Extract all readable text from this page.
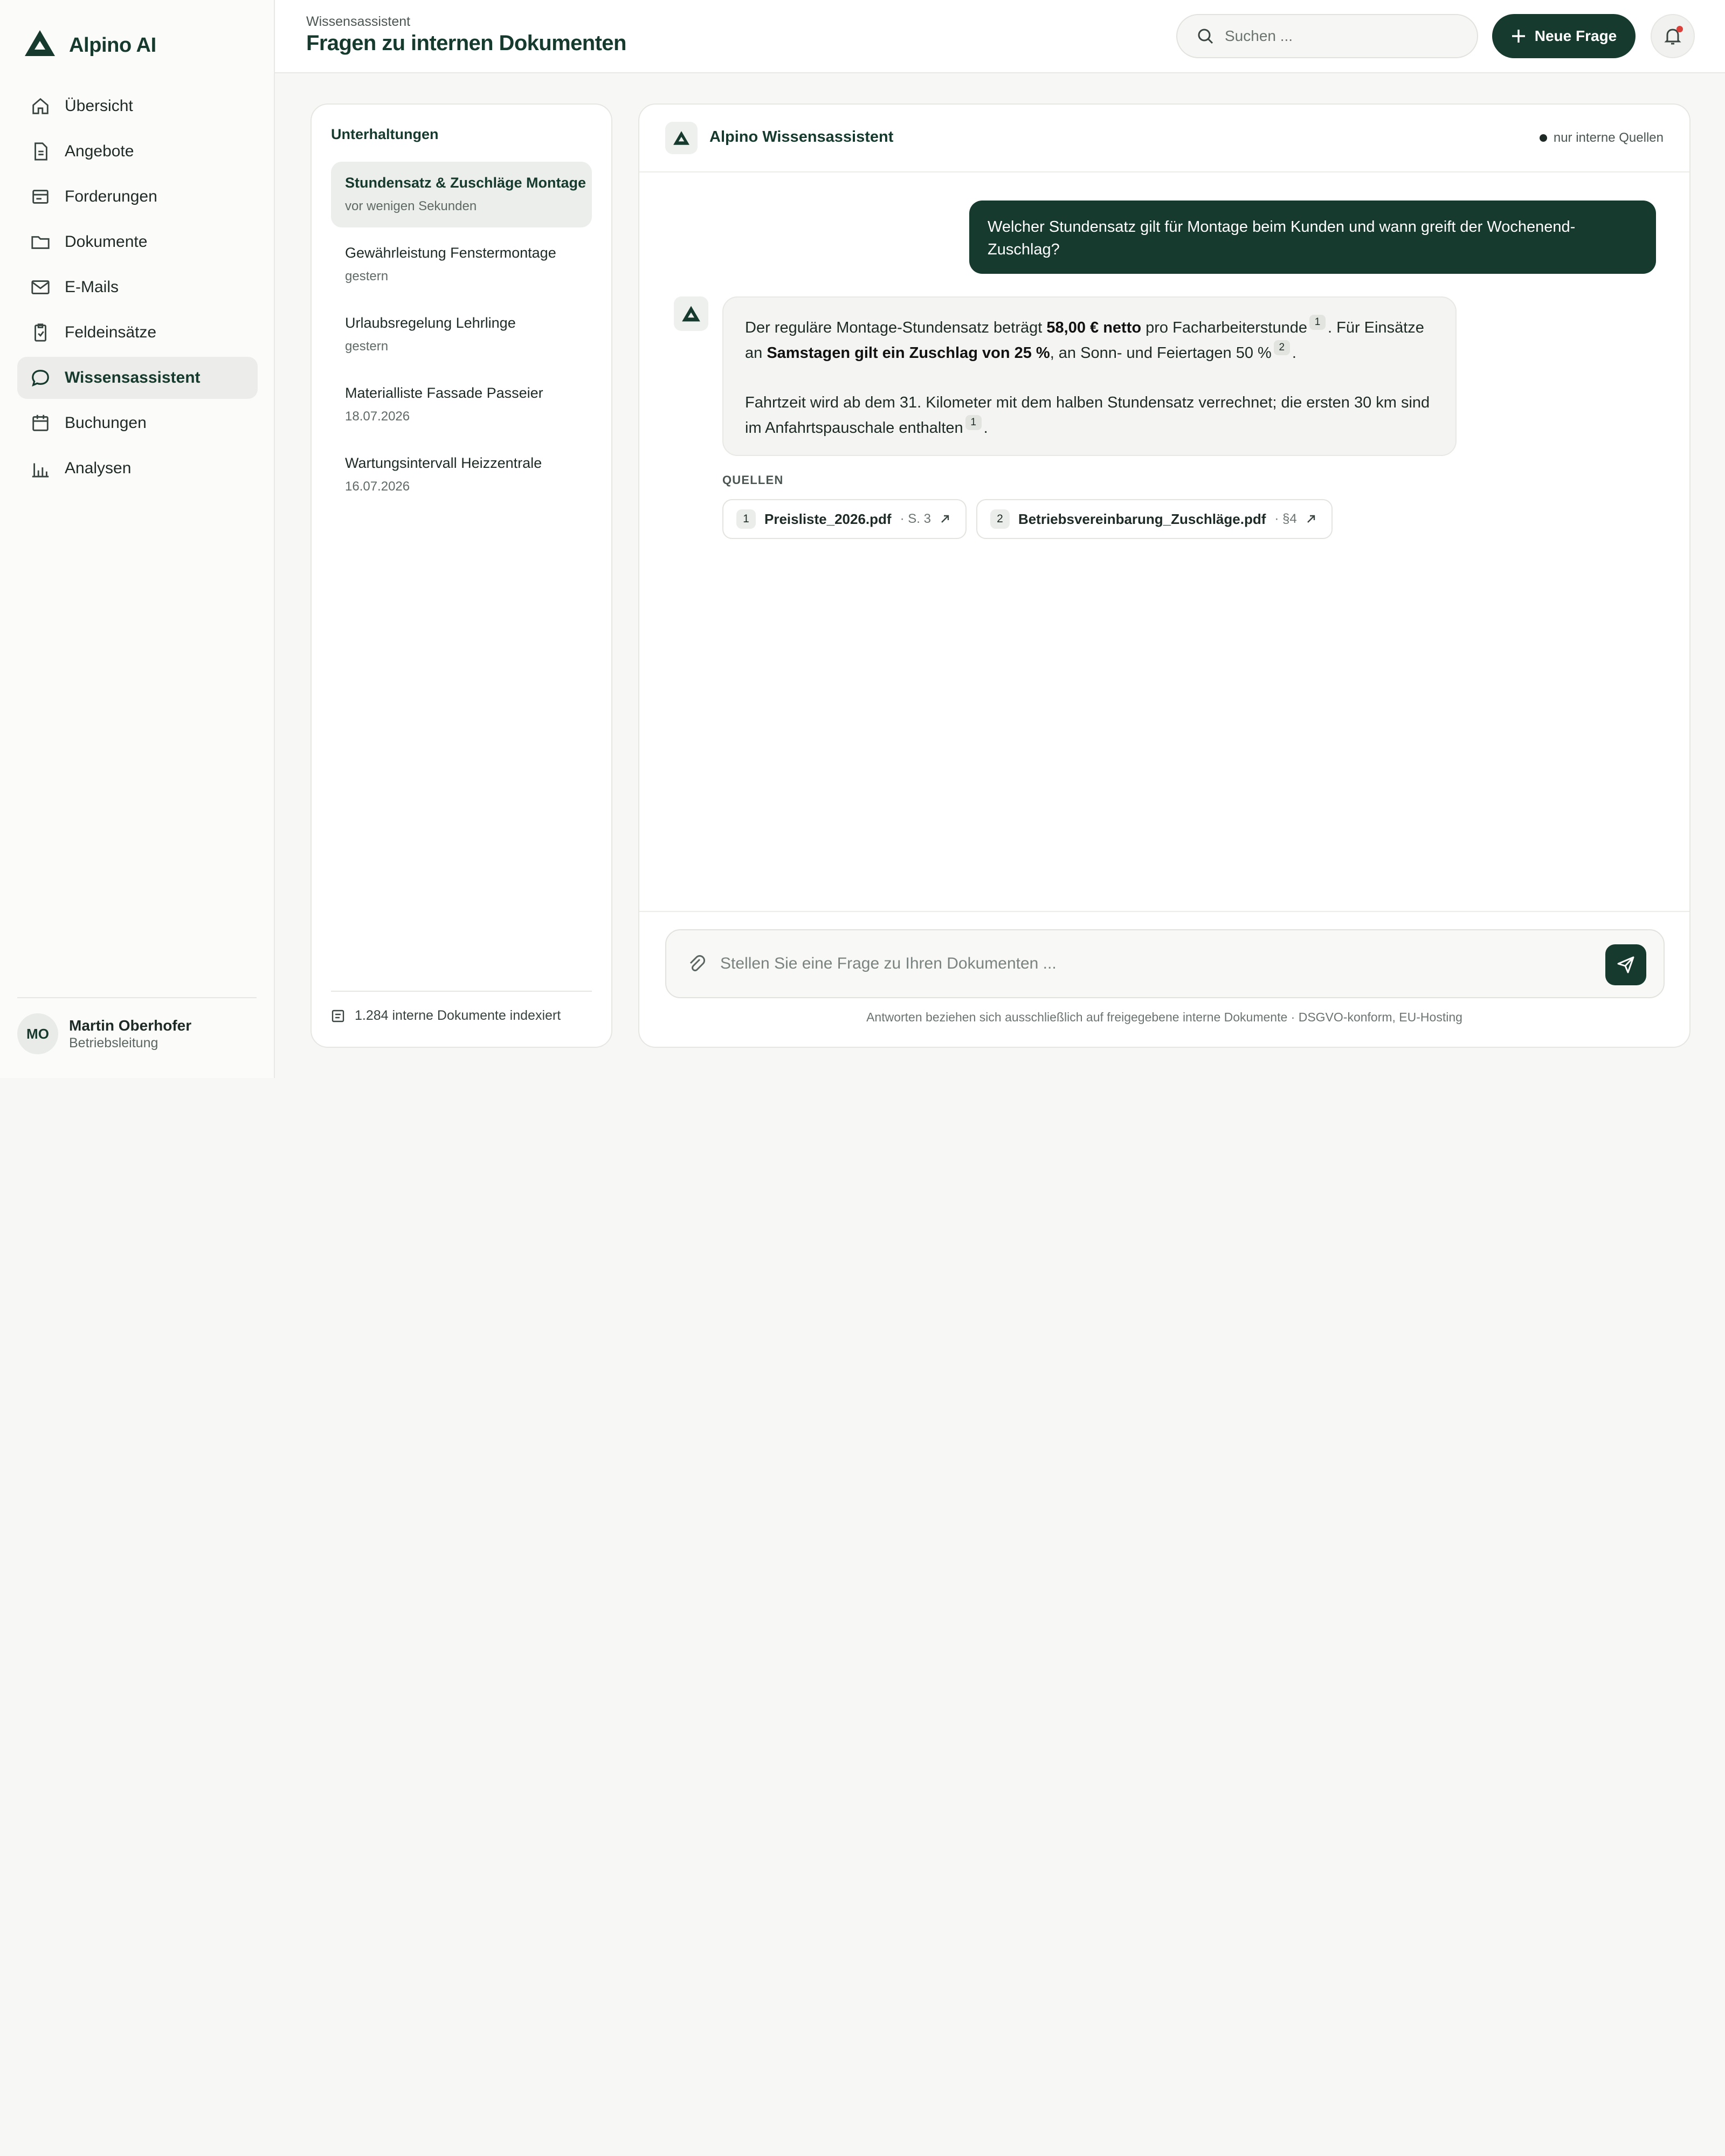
Alpino AI
Übersicht
Angebote
Forderungen
Dokumente
E-Mails
Feldeinsätze
Wissensassistent
Buchungen
Analysen
MO	Martin Oberhofer
Betriebsleitung
Wissensassistent
Fragen zu internen Dokumenten
Suchen ...	Neue Frage
Unterhaltungen
Stundensatz & Zuschläge Montage
vor wenigen Sekunden
Gewährleistung Fenstermontage
gestern
Urlaubsregelung Lehrlinge
gestern
Materialliste Fassade Passeier
18.07.2026
Wartungsintervall Heizzentrale
16.07.2026
1.284 interne Dokumente indexiert
Alpino Wissensassistent	nur interne Quellen
Welcher Stundensatz gilt für Montage beim Kunden und wann greift der Wochenend-Zuschlag?

Der reguläre Montage-Stundensatz beträgt 58,00 € netto pro Facharbeiterstunde 1 . Für Einsätze an Samstagen gilt ein Zuschlag von 25 %, an Sonn- und Feiertagen 50 % 2 .

Fahrtzeit wird ab dem 31. Kilometer mit dem halben Stundensatz verrechnet; die ersten 30 km sind im Anfahrtspauschale enthalten 1 .

QUELLEN
1	Preisliste_2026.pdf · S. 3	2	Betriebsvereinbarung_Zuschläge.pdf · §4
Stellen Sie eine Frage zu Ihren Dokumenten ...
Antworten beziehen sich ausschließlich auf freigegebene interne Dokumente · DSGVO-konform, EU-Hosting
